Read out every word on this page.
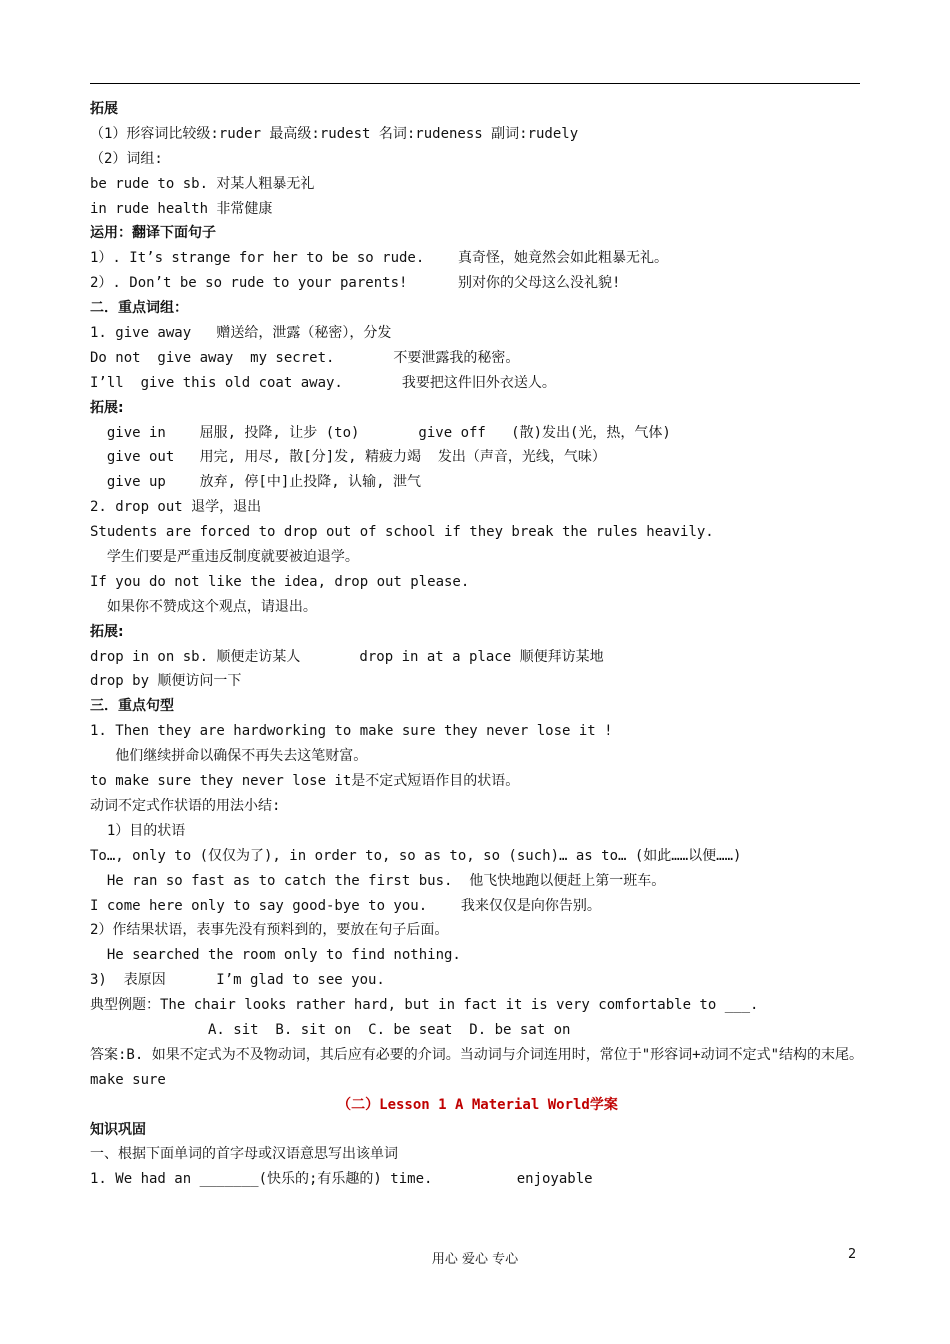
拓展
（1）形容词比较级:ruder 最高级:rudest 名词:rudeness 副词:rudely
（2）词组:
be rude to sb. 对某人粗暴无礼
in rude health 非常健康
运用：翻译下面句子
1）. It’s strange for her to be so rude.    真奇怪，她竟然会如此粗暴无礼。
2）. Don’t be so rude to your parents!      别对你的父母这么没礼貌!
二．重点词组：
1. give away   赠送给，泄露（秘密），分发
Do not  give away  my secret.       不要泄露我的秘密。
I’ll  give this old coat away.       我要把这件旧外衣送人。
拓展:
give in    屈服, 投降, 让步 (to)       give off   (散)发出(光，热，气体)
give out   用完, 用尽, 散[分]发, 精疲力竭  发出（声音，光线，气味）
give up    放弃, 停[中]止投降, 认输, 泄气
2. drop out 退学，退出
Students are forced to drop out of school if they break the rules heavily.
学生们要是严重违反制度就要被迫退学。
If you do not like the idea, drop out please.
如果你不赞成这个观点，请退出。
拓展:
drop in on sb. 顺便走访某人       drop in at a place 顺便拜访某地
drop by 顺便访问一下
三．重点句型
1. Then they are hardworking to make sure they never lose it !
他们继续拼命以确保不再失去这笔财富。
to make sure they never lose it是不定式短语作目的状语。
动词不定式作状语的用法小结:
1）目的状语
To…, only to (仅仅为了), in order to, so as to, so (such)… as to… (如此……以便……)
He ran so fast as to catch the first bus.  他飞快地跑以便赶上第一班车。
I come here only to say good-bye to you.    我来仅仅是向你告别。
2）作结果状语，表事先没有预料到的，要放在句子后面。
He searched the room only to find nothing.
3)  表原因      I’m glad to see you.
典型例题：The chair looks rather hard, but in fact it is very comfortable to ___.
A. sit  B. sit on  C. be seat  D. be sat on
答案:B. 如果不定式为不及物动词，其后应有必要的介词。当动词与介词连用时，常位于"形容词+动词不定式"结构的末尾。
make sure
（二）Lesson 1 A Material World学案
知识巩固
一、根据下面单词的首字母或汉语意思写出该单词
1. We had an _______(快乐的;有乐趣的) time.          enjoyable
用心 爱心 专心	2
